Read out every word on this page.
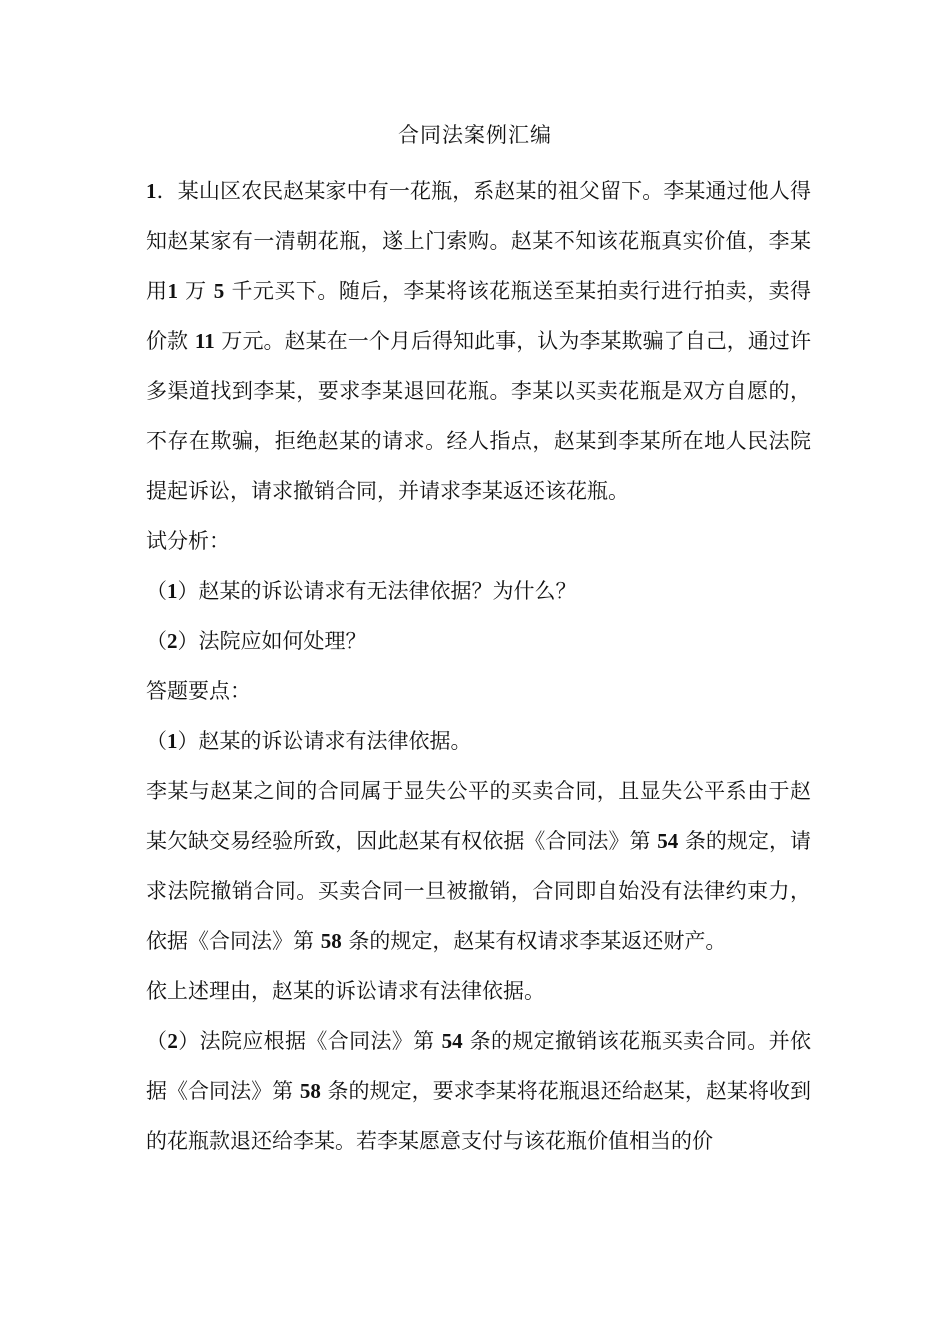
合同法案例汇编

1．某山区农民赵某家中有一花瓶，系赵某的祖父留下。李某通过他人得知赵某家有一清朝花瓶，遂上门索购。赵某不知该花瓶真实价值，李某用1 万 5 千元买下。随后，李某将该花瓶送至某拍卖行进行拍卖，卖得价款 11 万元。赵某在一个月后得知此事，认为李某欺骗了自己，通过许多渠道找到李某，要求李某退回花瓶。李某以买卖花瓶是双方自愿的，不存在欺骗，拒绝赵某的请求。经人指点，赵某到李某所在地人民法院提起诉讼，请求撤销合同，并请求李某返还该花瓶。

试分析：

（1）赵某的诉讼请求有无法律依据？为什么？

（2）法院应如何处理？

答题要点：

（1）赵某的诉讼请求有法律依据。

李某与赵某之间的合同属于显失公平的买卖合同，且显失公平系由于赵某欠缺交易经验所致，因此赵某有权依据《合同法》第 54 条的规定，请求法院撤销合同。买卖合同一旦被撤销，合同即自始没有法律约束力，依据《合同法》第 58 条的规定，赵某有权请求李某返还财产。

依上述理由，赵某的诉讼请求有法律依据。

（2）法院应根据《合同法》第 54 条的规定撤销该花瓶买卖合同。并依据《合同法》第 58 条的规定，要求李某将花瓶退还给赵某，赵某将收到的花瓶款退还给李某。若李某愿意支付与该花瓶价值相当的价
